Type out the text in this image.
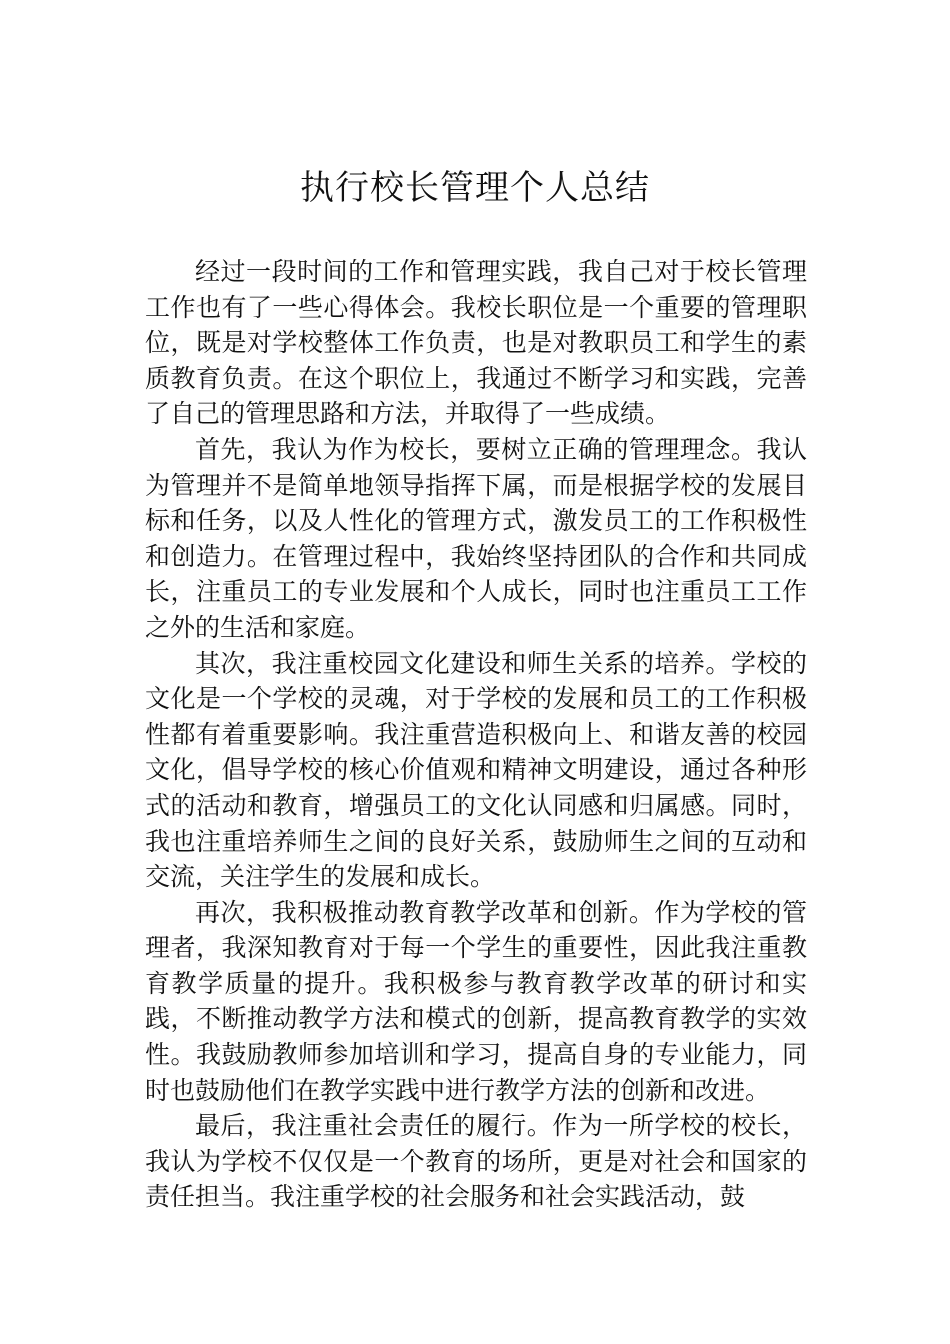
执行校长管理个人总结

经过一段时间的工作和管理实践，我自己对于校长管理工作也有了一些心得体会。我校长职位是一个重要的管理职位，既是对学校整体工作负责，也是对教职员工和学生的素质教育负责。在这个职位上，我通过不断学习和实践，完善了自己的管理思路和方法，并取得了一些成绩。

首先，我认为作为校长，要树立正确的管理理念。我认为管理并不是简单地领导指挥下属，而是根据学校的发展目标和任务，以及人性化的管理方式，激发员工的工作积极性和创造力。在管理过程中，我始终坚持团队的合作和共同成长，注重员工的专业发展和个人成长，同时也注重员工工作之外的生活和家庭。

其次，我注重校园文化建设和师生关系的培养。学校的文化是一个学校的灵魂，对于学校的发展和员工的工作积极性都有着重要影响。我注重营造积极向上、和谐友善的校园文化，倡导学校的核心价值观和精神文明建设，通过各种形式的活动和教育，增强员工的文化认同感和归属感。同时，我也注重培养师生之间的良好关系，鼓励师生之间的互动和交流，关注学生的发展和成长。

再次，我积极推动教育教学改革和创新。作为学校的管理者，我深知教育对于每一个学生的重要性，因此我注重教育教学质量的提升。我积极参与教育教学改革的研讨和实践，不断推动教学方法和模式的创新，提高教育教学的实效性。我鼓励教师参加培训和学习，提高自身的专业能力，同时也鼓励他们在教学实践中进行教学方法的创新和改进。

最后，我注重社会责任的履行。作为一所学校的校长，我认为学校不仅仅是一个教育的场所，更是对社会和国家的责任担当。我注重学校的社会服务和社会实践活动，鼓
